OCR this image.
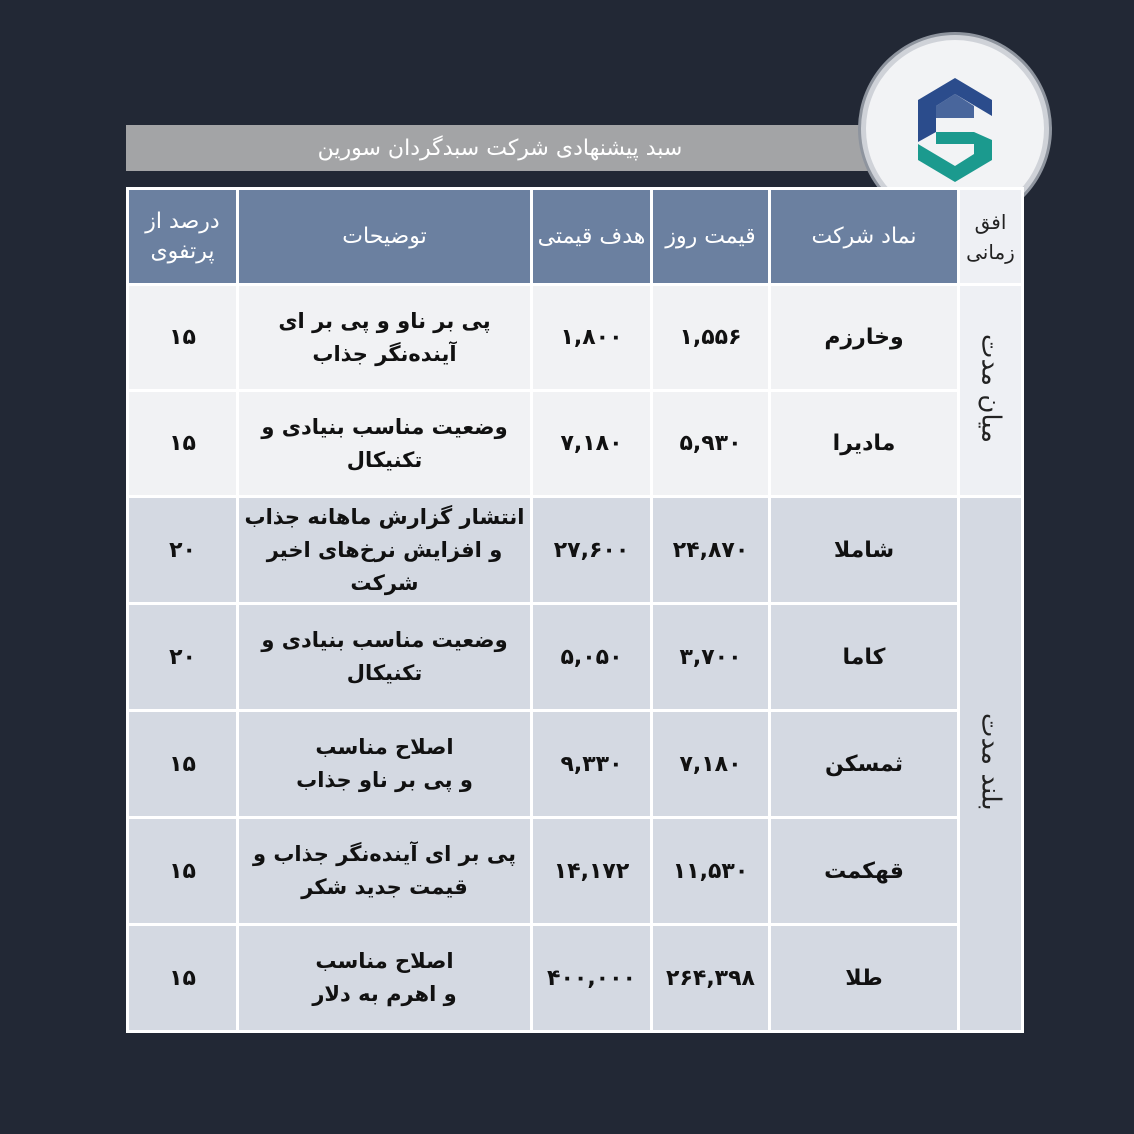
سبد پیشنهادی شرکت سبدگردان سورین
افق زمانی	نماد شرکت	قیمت روز	هدف قیمتی	توضیحات	درصد از پرتفوی
میان مدت	وخارزم	۱,۵۵۶	۱,۸۰۰	پی بر ناو و پی بر ای
آینده‌نگر جذاب	۱۵
	مادیرا	۵,۹۳۰	۷,۱۸۰	وضعیت مناسب بنیادی و
تکنیکال	۱۵
بلند مدت	شاملا	۲۴,۸۷۰	۲۷,۶۰۰	انتشار گزارش ماهانه جذاب
و افزایش نرخ‌های اخیر
شرکت	۲۰
	کاما	۳,۷۰۰	۵,۰۵۰	وضعیت مناسب بنیادی و
تکنیکال	۲۰
	ثمسکن	۷,۱۸۰	۹,۳۳۰	اصلاح مناسب
و پی بر ناو جذاب	۱۵
	قهکمت	۱۱,۵۳۰	۱۴,۱۷۲	پی بر ای آینده‌نگر جذاب و
قیمت جدید شکر	۱۵
	طلا	۲۶۴,۳۹۸	۴۰۰,۰۰۰	اصلاح مناسب
و اهرم به دلار	۱۵
